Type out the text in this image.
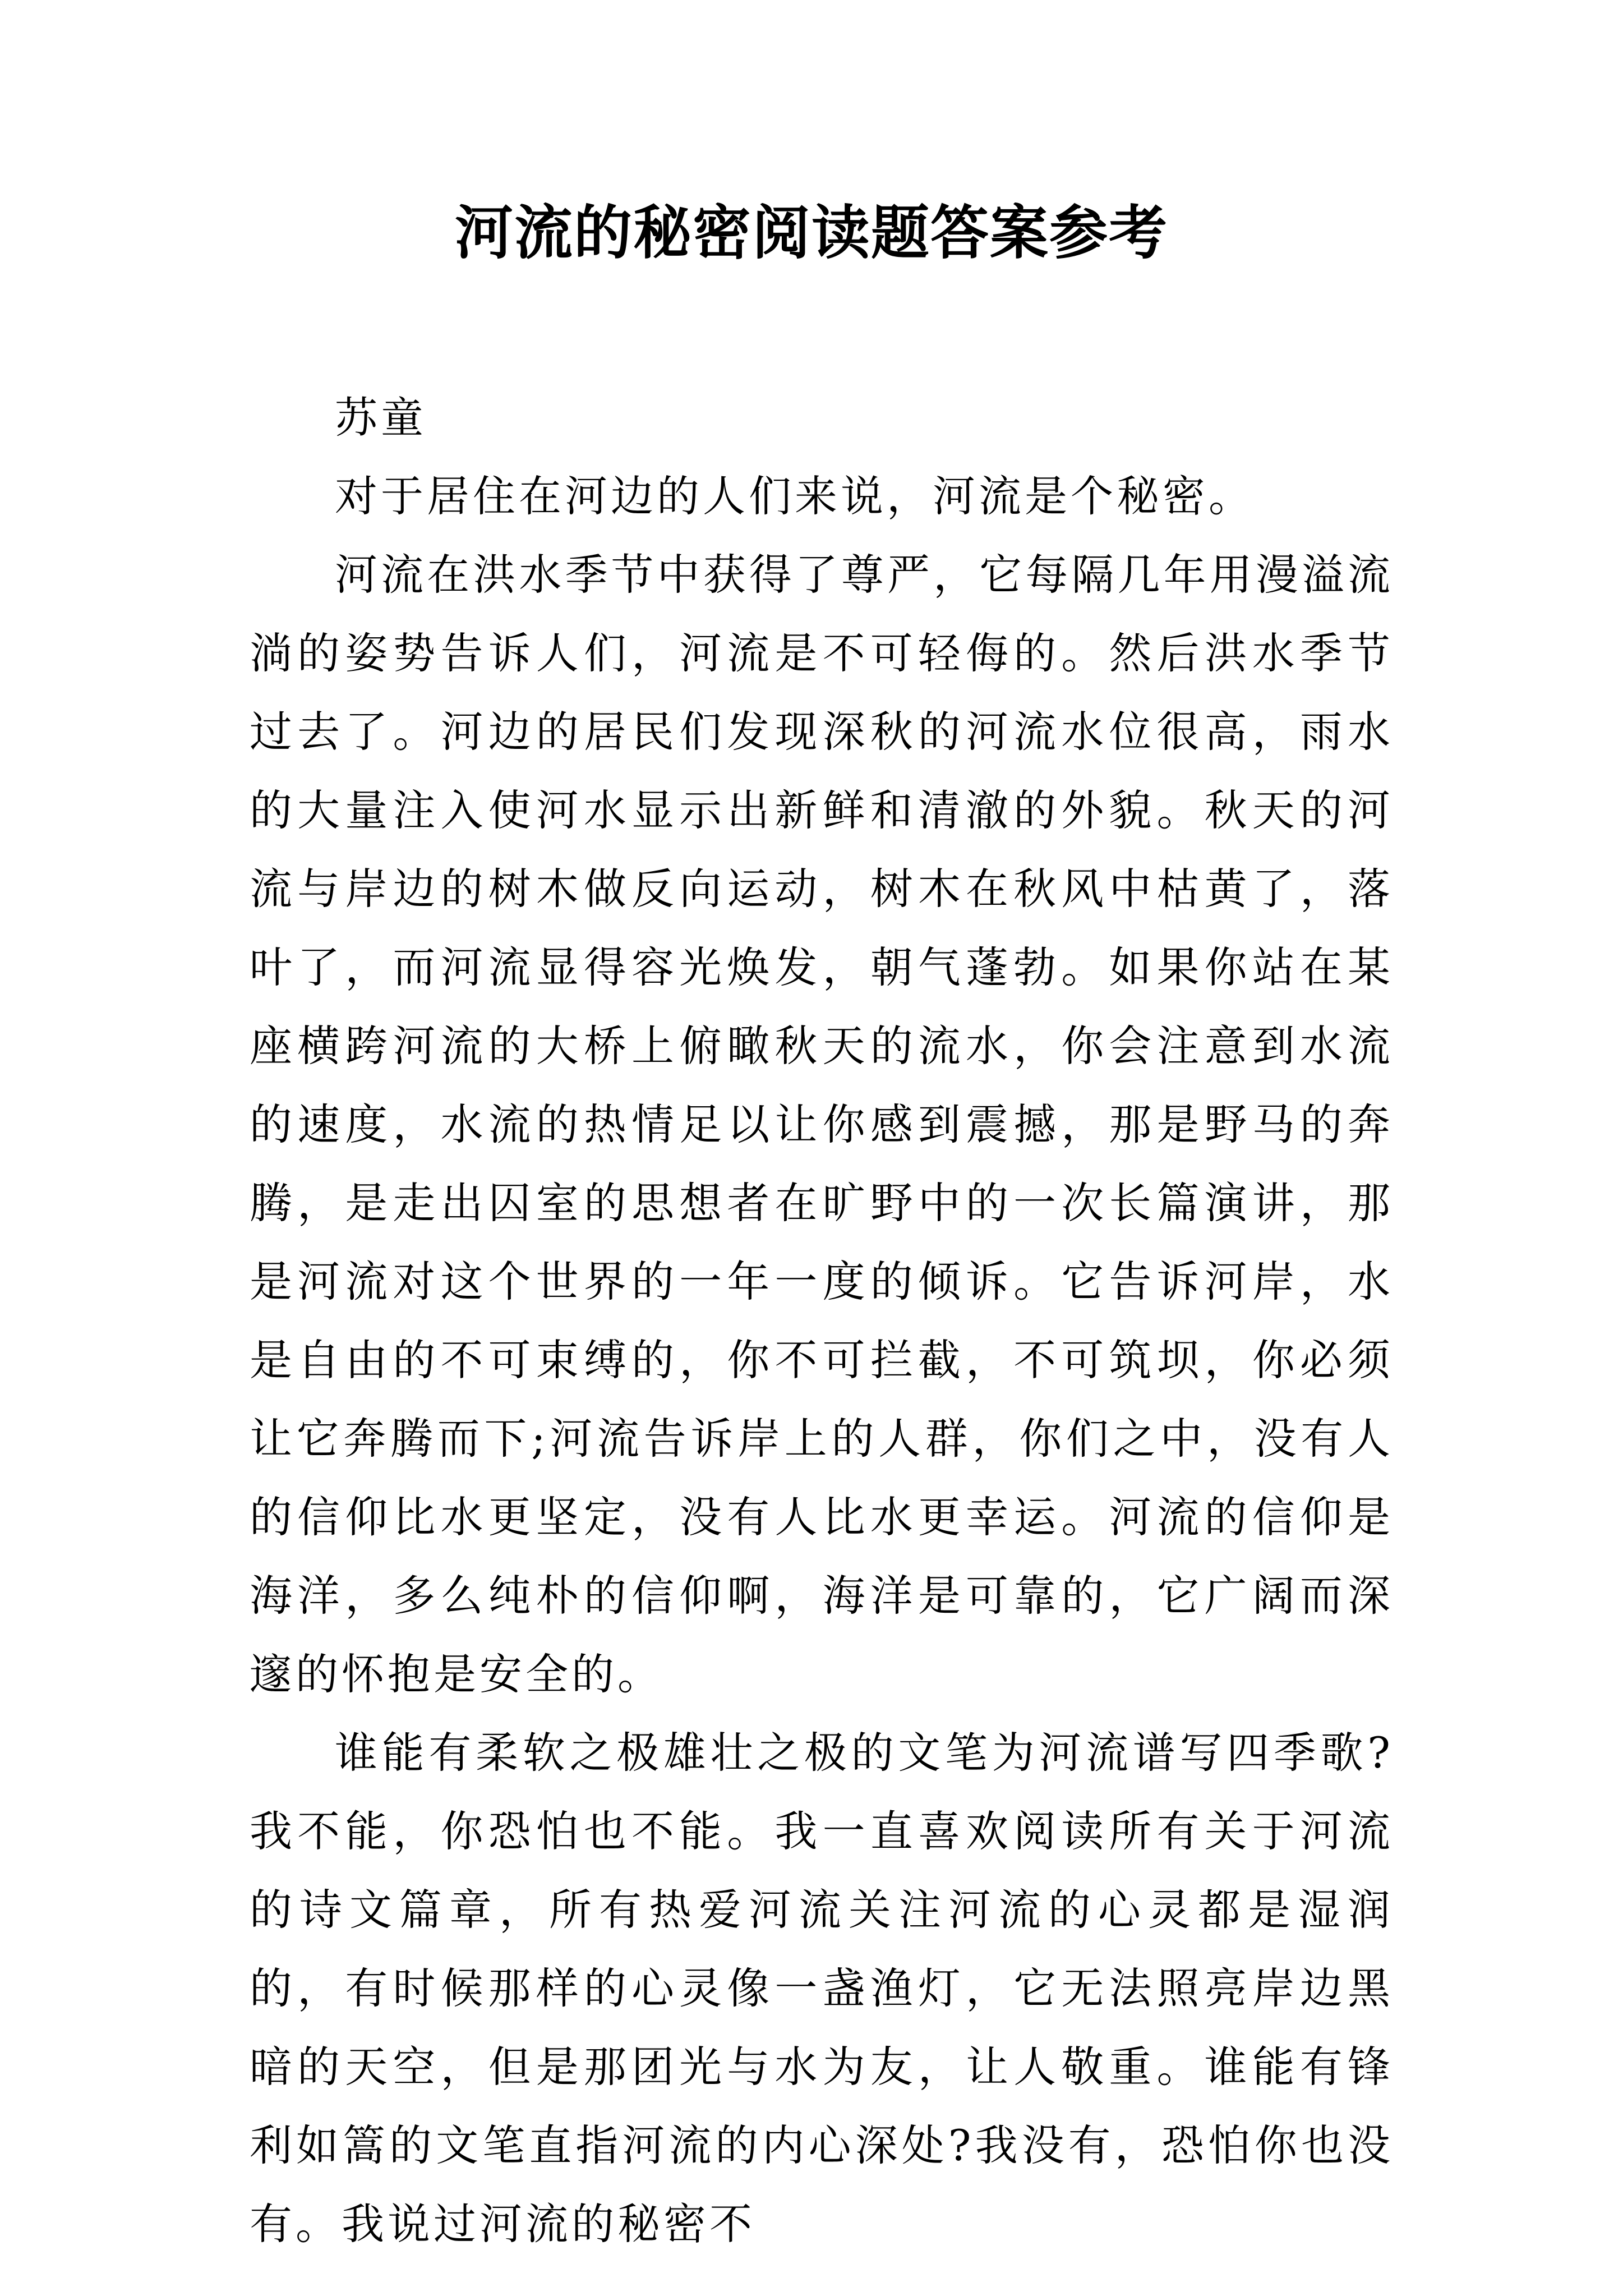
河流的秘密阅读题答案参考

苏童

对于居住在河边的人们来说，河流是个秘密。

河流在洪水季节中获得了尊严，它每隔几年用漫溢流淌的姿势告诉人们，河流是不可轻侮的。然后洪水季节过去了。河边的居民们发现深秋的河流水位很高，雨水的大量注入使河水显示出新鲜和清澈的外貌。秋天的河流与岸边的树木做反向运动，树木在秋风中枯黄了，落叶了，而河流显得容光焕发，朝气蓬勃。如果你站在某座横跨河流的大桥上俯瞰秋天的流水，你会注意到水流的速度，水流的热情足以让你感到震撼，那是野马的奔腾，是走出囚室的思想者在旷野中的一次长篇演讲，那是河流对这个世界的一年一度的倾诉。它告诉河岸，水是自由的不可束缚的，你不可拦截，不可筑坝，你必须让它奔腾而下;河流告诉岸上的人群，你们之中，没有人的信仰比水更坚定，没有人比水更幸运。河流的信仰是海洋，多么纯朴的信仰啊，海洋是可靠的，它广阔而深邃的怀抱是安全的。

谁能有柔软之极雄壮之极的文笔为河流谱写四季歌?我不能，你恐怕也不能。我一直喜欢阅读所有关于河流的诗文篇章，所有热爱河流关注河流的心灵都是湿润的，有时候那样的心灵像一盏渔灯，它无法照亮岸边黑暗的天空，但是那团光与水为友，让人敬重。谁能有锋利如篙的文笔直指河流的内心深处?我没有，恐怕你也没有。我说过河流的秘密不
